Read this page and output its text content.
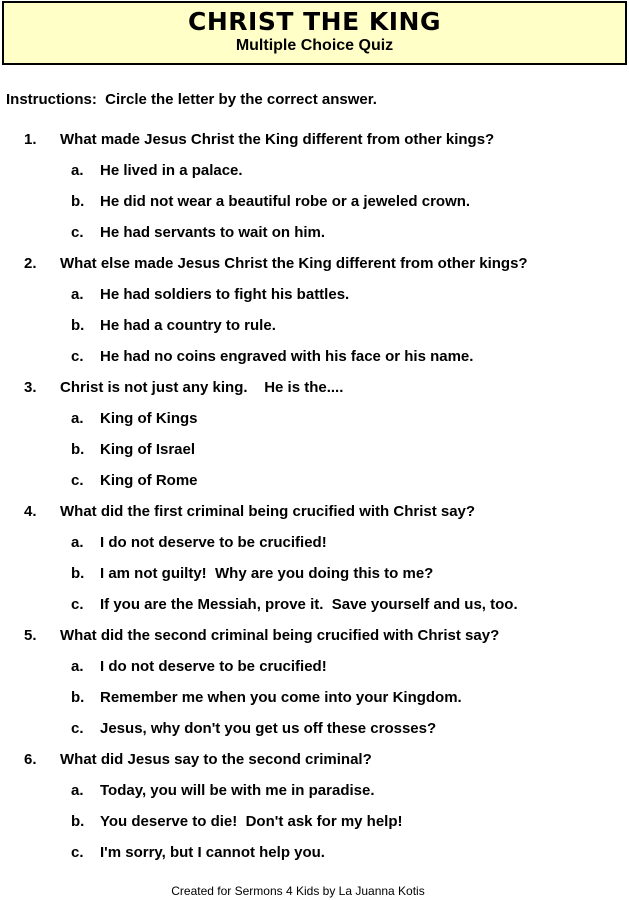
CHRIST THE KING
Multiple Choice Quiz
Instructions:  Circle the letter by the correct answer.
1. What made Jesus Christ the King different from other kings?
a. He lived in a palace.
b. He did not wear a beautiful robe or a jeweled crown.
c. He had servants to wait on him.
2. What else made Jesus Christ the King different from other kings?
a. He had soldiers to fight his battles.
b. He had a country to rule.
c. He had no coins engraved with his face or his name.
3. Christ is not just any king.    He is the....
a. King of Kings
b. King of Israel
c. King of Rome
4. What did the first criminal being crucified with Christ say?
a. I do not deserve to be crucified!
b. I am not guilty!  Why are you doing this to me?
c. If you are the Messiah, prove it.  Save yourself and us, too.
5. What did the second criminal being crucified with Christ say?
a. I do not deserve to be crucified!
b. Remember me when you come into your Kingdom.
c. Jesus, why don't you get us off these crosses?
6. What did Jesus say to the second criminal?
a. Today, you will be with me in paradise.
b. You deserve to die!  Don't ask for my help!
c. I'm sorry, but I cannot help you.
Created for Sermons 4 Kids by La Juanna Kotis
